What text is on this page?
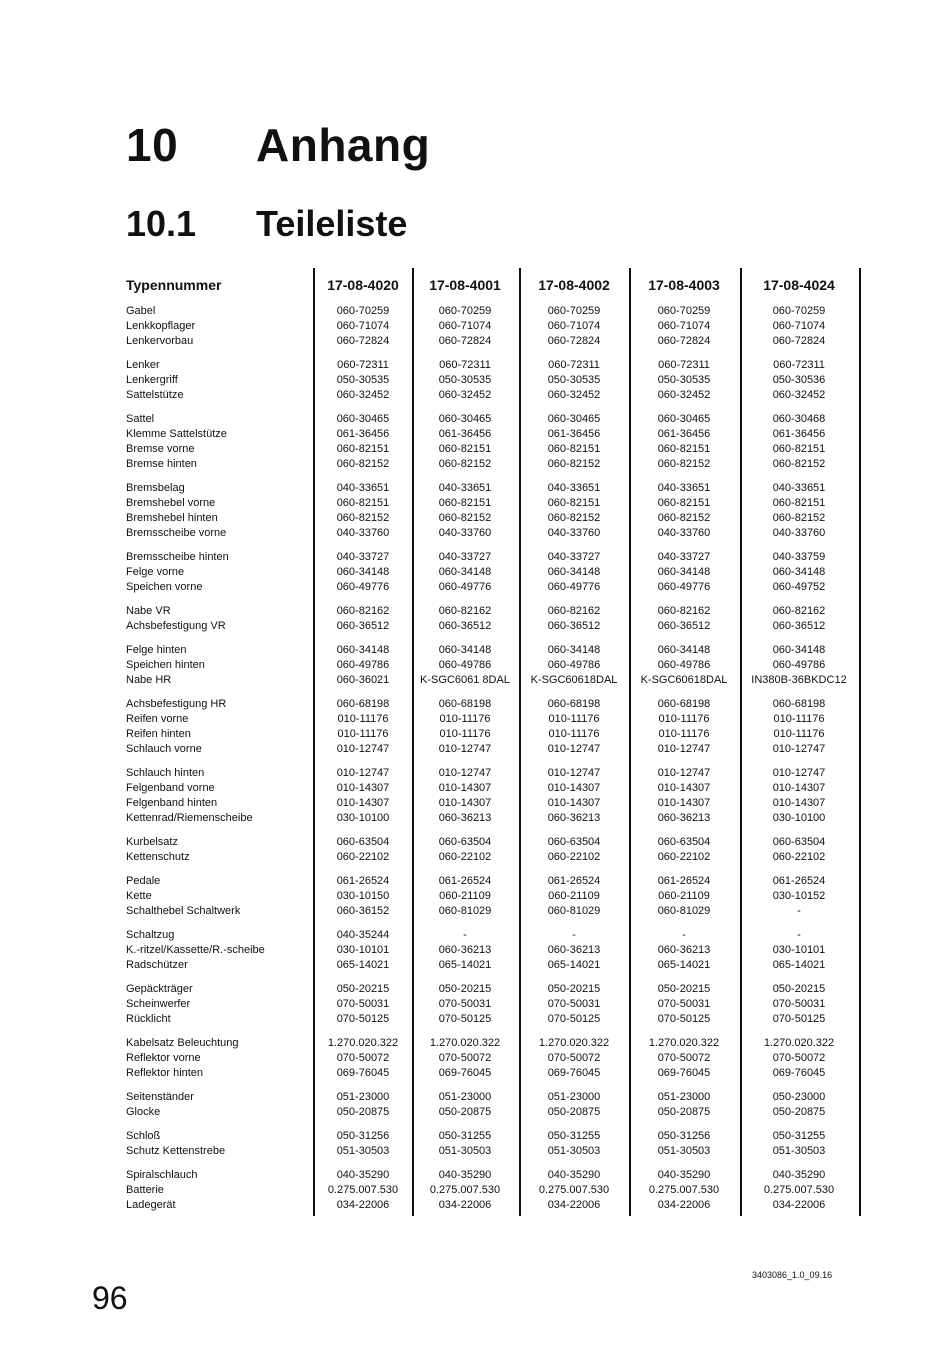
10 Anhang
10.1 Teileliste
Typennummer	17-08-4020	17-08-4001	17-08-4002	17-08-4003	17-08-4024
Gabel	060-70259	060-70259	060-70259	060-70259	060-70259
Lenkkopflager	060-71074	060-71074	060-71074	060-71074	060-71074
Lenkervorbau	060-72824	060-72824	060-72824	060-72824	060-72824
Lenker	060-72311	060-72311	060-72311	060-72311	060-72311
Lenkergriff	050-30535	050-30535	050-30535	050-30535	050-30536
Sattelstütze	060-32452	060-32452	060-32452	060-32452	060-32452
Sattel	060-30465	060-30465	060-30465	060-30465	060-30468
Klemme Sattelstütze	061-36456	061-36456	061-36456	061-36456	061-36456
Bremse vorne	060-82151	060-82151	060-82151	060-82151	060-82151
Bremse hinten	060-82152	060-82152	060-82152	060-82152	060-82152
Bremsbelag	040-33651	040-33651	040-33651	040-33651	040-33651
Bremshebel vorne	060-82151	060-82151	060-82151	060-82151	060-82151
Bremshebel hinten	060-82152	060-82152	060-82152	060-82152	060-82152
Bremsscheibe vorne	040-33760	040-33760	040-33760	040-33760	040-33760
Bremsscheibe hinten	040-33727	040-33727	040-33727	040-33727	040-33759
Felge vorne	060-34148	060-34148	060-34148	060-34148	060-34148
Speichen vorne	060-49776	060-49776	060-49776	060-49776	060-49752
Nabe VR	060-82162	060-82162	060-82162	060-82162	060-82162
Achsbefestigung VR	060-36512	060-36512	060-36512	060-36512	060-36512
Felge hinten	060-34148	060-34148	060-34148	060-34148	060-34148
Speichen hinten	060-49786	060-49786	060-49786	060-49786	060-49786
Nabe HR	060-36021	K-SGC6061 8DAL	K-SGC60618DAL	K-SGC60618DAL	IN380B-36BKDC12
Achsbefestigung HR	060-68198	060-68198	060-68198	060-68198	060-68198
Reifen vorne	010-11176	010-11176	010-11176	010-11176	010-11176
Reifen hinten	010-11176	010-11176	010-11176	010-11176	010-11176
Schlauch vorne	010-12747	010-12747	010-12747	010-12747	010-12747
Schlauch hinten	010-12747	010-12747	010-12747	010-12747	010-12747
Felgenband vorne	010-14307	010-14307	010-14307	010-14307	010-14307
Felgenband hinten	010-14307	010-14307	010-14307	010-14307	010-14307
Kettenrad/Riemenscheibe	030-10100	060-36213	060-36213	060-36213	030-10100
Kurbelsatz	060-63504	060-63504	060-63504	060-63504	060-63504
Kettenschutz	060-22102	060-22102	060-22102	060-22102	060-22102
Pedale	061-26524	061-26524	061-26524	061-26524	061-26524
Kette	030-10150	060-21109	060-21109	060-21109	030-10152
Schalthebel Schaltwerk	060-36152	060-81029	060-81029	060-81029	-
Schaltzug	040-35244	-	-	-	-
K.-ritzel/Kassette/R.-scheibe	030-10101	060-36213	060-36213	060-36213	030-10101
Radschützer	065-14021	065-14021	065-14021	065-14021	065-14021
Gepäckträger	050-20215	050-20215	050-20215	050-20215	050-20215
Scheinwerfer	070-50031	070-50031	070-50031	070-50031	070-50031
Rücklicht	070-50125	070-50125	070-50125	070-50125	070-50125
Kabelsatz Beleuchtung	1.270.020.322	1.270.020.322	1.270.020.322	1.270.020.322	1.270.020.322
Reflektor vorne	070-50072	070-50072	070-50072	070-50072	070-50072
Reflektor hinten	069-76045	069-76045	069-76045	069-76045	069-76045
Seitenständer	051-23000	051-23000	051-23000	051-23000	050-23000
Glocke	050-20875	050-20875	050-20875	050-20875	050-20875
Schloß	050-31256	050-31255	050-31255	050-31256	050-31255
Schutz Kettenstrebe	051-30503	051-30503	051-30503	051-30503	051-30503
Spiralschlauch	040-35290	040-35290	040-35290	040-35290	040-35290
Batterie	0.275.007.530	0.275.007.530	0.275.007.530	0.275.007.530	0.275.007.530
Ladegerät	034-22006	034-22006	034-22006	034-22006	034-22006
96
3403086_1.0_09.16
